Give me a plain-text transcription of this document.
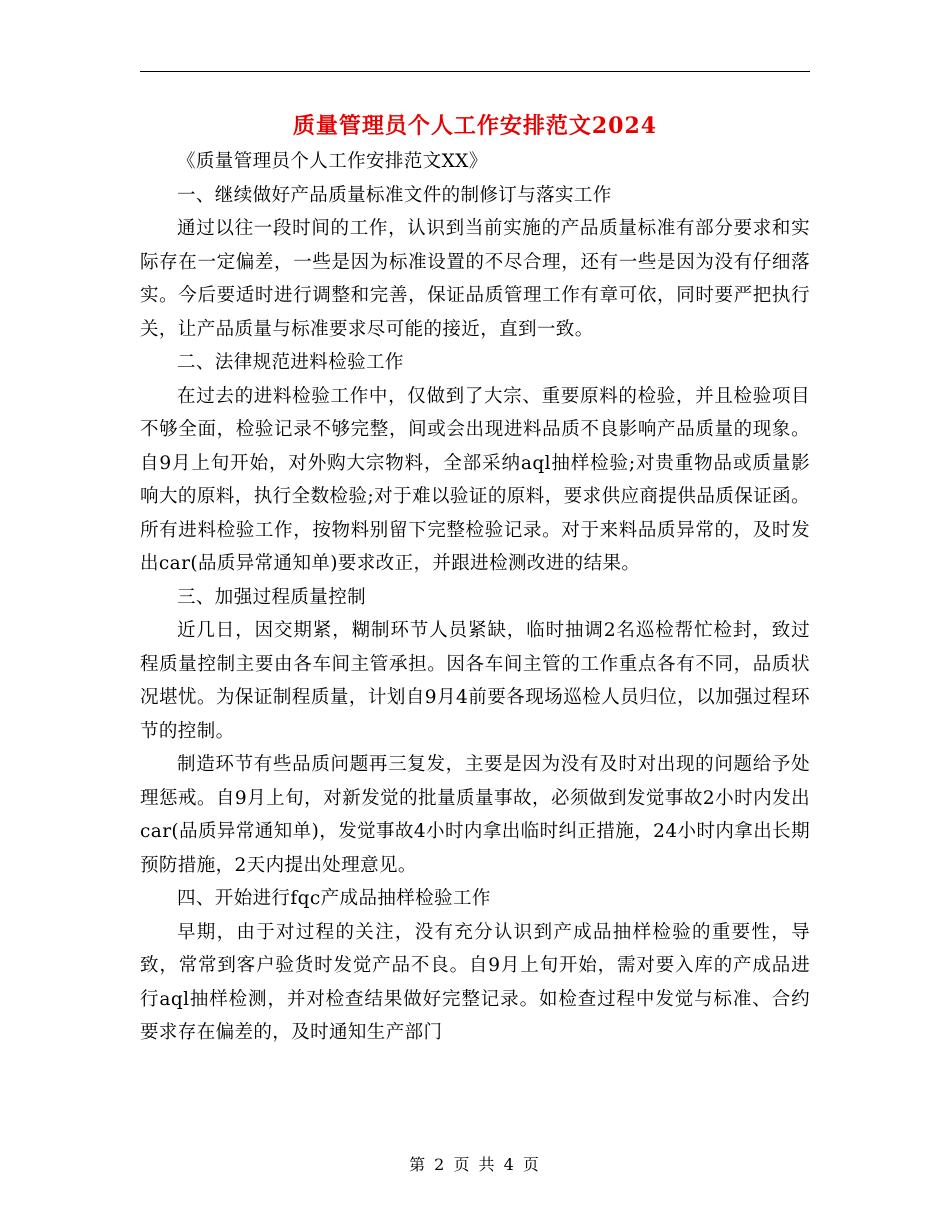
质量管理员个人工作安排范文2024

《质量管理员个人工作安排范文XX》

一、继续做好产品质量标准文件的制修订与落实工作

通过以往一段时间的工作，认识到当前实施的产品质量标准有部分要求和实际存在一定偏差，一些是因为标准设置的不尽合理，还有一些是因为没有仔细落实。今后要适时进行调整和完善，保证品质管理工作有章可依，同时要严把执行关，让产品质量与标准要求尽可能的接近，直到一致。

二、法律规范进料检验工作

在过去的进料检验工作中，仅做到了大宗、重要原料的检验，并且检验项目不够全面，检验记录不够完整，间或会出现进料品质不良影响产品质量的现象。自9月上旬开始，对外购大宗物料，全部采纳aql抽样检验;对贵重物品或质量影响大的原料，执行全数检验;对于难以验证的原料，要求供应商提供品质保证函。所有进料检验工作，按物料别留下完整检验记录。对于来料品质异常的，及时发出car(品质异常通知单)要求改正，并跟进检测改进的结果。

三、加强过程质量控制

近几日，因交期紧，糊制环节人员紧缺，临时抽调2名巡检帮忙检封，致过程质量控制主要由各车间主管承担。因各车间主管的工作重点各有不同，品质状况堪忧。为保证制程质量，计划自9月4前要各现场巡检人员归位，以加强过程环节的控制。

制造环节有些品质问题再三复发，主要是因为没有及时对出现的问题给予处理惩戒。自9月上旬，对新发觉的批量质量事故，必须做到发觉事故2小时内发出car(品质异常通知单)，发觉事故4小时内拿出临时纠正措施，24小时内拿出长期预防措施，2天内提出处理意见。

四、开始进行fqc产成品抽样检验工作

早期，由于对过程的关注，没有充分认识到产成品抽样检验的重要性，导致，常常到客户验货时发觉产品不良。自9月上旬开始，需对要入库的产成品进行aql抽样检测，并对检查结果做好完整记录。如检查过程中发觉与标准、合约要求存在偏差的，及时通知生产部门

第 2 页 共 4 页
